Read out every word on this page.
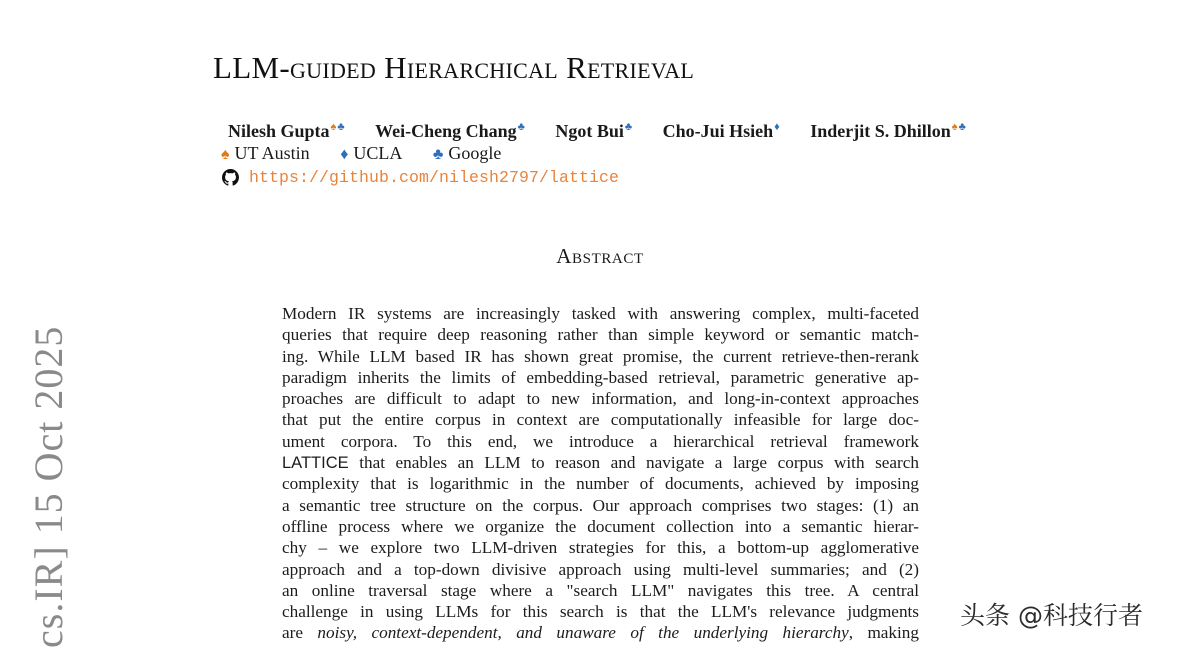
LLM-guided Hierarchical Retrieval
Nilesh Gupta♠♣ Wei-Cheng Chang♣ Ngot Bui♣ Cho-Jui Hsieh♦ Inderjit S. Dhillon♠♣
♠ UT Austin ♦ UCLA ♣ Google
https://github.com/nilesh2797/lattice
Abstract
Modern IR systems are increasingly tasked with answering complex, multi-faceted
queries that require deep reasoning rather than simple keyword or semantic match-
ing. While LLM based IR has shown great promise, the current retrieve-then-rerank
paradigm inherits the limits of embedding-based retrieval, parametric generative ap-
proaches are difficult to adapt to new information, and long-in-context approaches
that put the entire corpus in context are computationally infeasible for large doc-
ument corpora. To this end, we introduce a hierarchical retrieval framework
LATTICE that enables an LLM to reason and navigate a large corpus with search
complexity that is logarithmic in the number of documents, achieved by imposing
a semantic tree structure on the corpus. Our approach comprises two stages: (1) an
offline process where we organize the document collection into a semantic hierar-
chy – we explore two LLM-driven strategies for this, a bottom-up agglomerative
approach and a top-down divisive approach using multi-level summaries; and (2)
an online traversal stage where a "search LLM" navigates this tree. A central
challenge in using LLMs for this search is that the LLM's relevance judgments
are noisy, context-dependent, and unaware of the underlying hierarchy, making
cs.IR] 15 Oct 2025	头条 @科技行者
